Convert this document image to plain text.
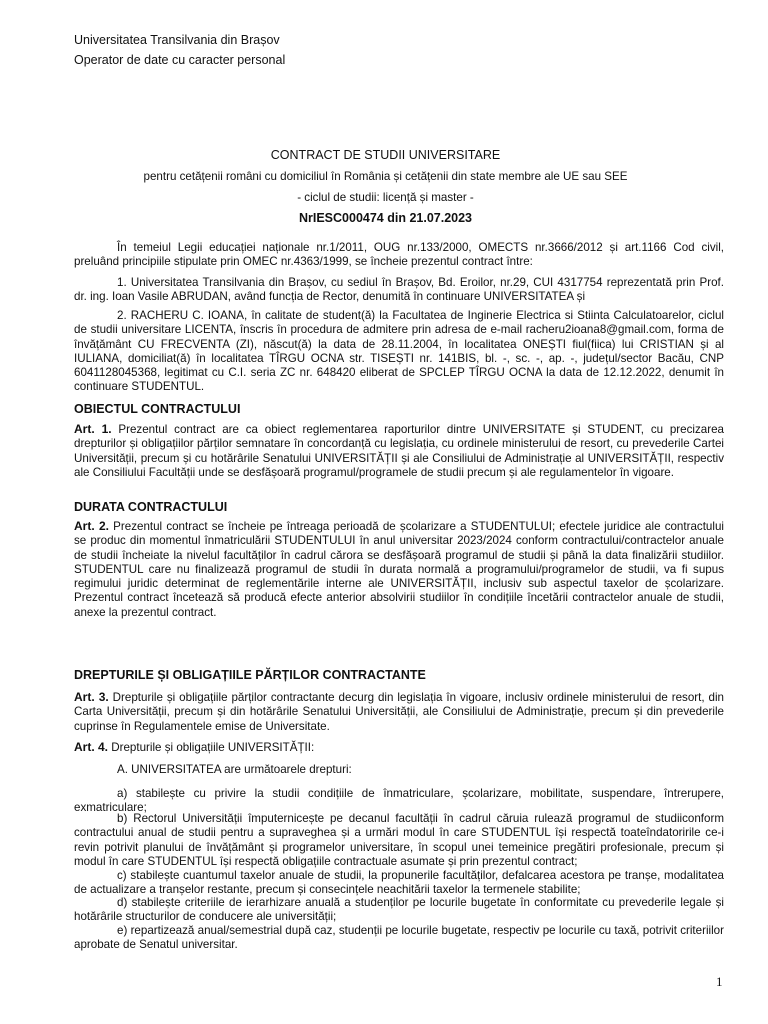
Universitatea Transilvania din Brașov
Operator de date cu caracter personal
CONTRACT DE STUDII UNIVERSITARE
pentru cetățenii români cu domiciliul în România și cetățenii din state membre ale UE sau SEE
- ciclul de studii: licență și master -
NrIESC000474 din 21.07.2023

În temeiul Legii educației naționale nr.1/2011, OUG nr.133/2000, OMECTS nr.3666/2012 și art.1166 Cod civil, preluând principiile stipulate prin OMEC nr.4363/1999, se încheie prezentul contract între:

1. Universitatea Transilvania din Brașov, cu sediul în Brașov, Bd. Eroilor, nr.29, CUI 4317754 reprezentată prin Prof. dr. ing. Ioan Vasile ABRUDAN, având funcția de Rector, denumită în continuare UNIVERSITATEA și

2. RACHERU C. IOANA, în calitate de student(ă) la Facultatea de Inginerie Electrica si Stiinta Calculatoarelor, ciclul de studii universitare LICENTA, înscris în procedura de admitere prin adresa de e-mail racheru2ioana8@gmail.com, forma de învățământ CU FRECVENTA (ZI), născut(ă) la data de 28.11.2004, în localitatea ONEȘTI fiul(fiica) lui CRISTIAN și al IULIANA, domiciliat(ă) în localitatea TÎRGU OCNA str. TISEȘTI nr. 141BIS, bl. -, sc. -, ap. -, județul/sector Bacău, CNP 6041128045368, legitimat cu C.I. seria ZC nr. 648420 eliberat de SPCLEP TÎRGU OCNA la data de 12.12.2022, denumit în continuare STUDENTUL.

OBIECTUL CONTRACTULUI

Art. 1. Prezentul contract are ca obiect reglementarea raporturilor dintre UNIVERSITATE și STUDENT, cu precizarea drepturilor și obligațiilor părților semnatare în concordanță cu legislația, cu ordinele ministerului de resort, cu prevederile Cartei Universității, precum și cu hotărârile Senatului UNIVERSITĂȚII și ale Consiliului de Administrație al UNIVERSITĂȚII, respectiv ale Consiliului Facultății unde se desfășoară programul/programele de studii precum și ale regulamentelor în vigoare.

DURATA CONTRACTULUI

Art. 2. Prezentul contract se încheie pe întreaga perioadă de școlarizare a STUDENTULUI; efectele juridice ale contractului se produc din momentul înmatriculării STUDENTULUI în anul universitar 2023/2024 conform contractului/contractelor anuale de studii încheiate la nivelul facultăților în cadrul cărora se desfășoară programul de studii și până la data finalizării studiilor. STUDENTUL care nu finalizează programul de studii în durata normală a programului/programelor de studii, va fi supus regimului juridic determinat de reglementările interne ale UNIVERSITĂȚII, inclusiv sub aspectul taxelor de școlarizare. Prezentul contract încetează să producă efecte anterior absolvirii studiilor în condițiile încetării contractelor anuale de studii, anexe la prezentul contract.

DREPTURILE ȘI OBLIGAȚIILE PĂRȚILOR CONTRACTANTE

Art. 3. Drepturile și obligațiile părților contractante decurg din legislația în vigoare, inclusiv ordinele ministerului de resort, din Carta Universității, precum și din hotărârile Senatului Universității, ale Consiliului de Administrație, precum și din prevederile cuprinse în Regulamentele emise de Universitate.

Art. 4. Drepturile și obligațiile UNIVERSITĂȚII:

A. UNIVERSITATEA are următoarele drepturi:

a) stabilește cu privire la studii condițiile de înmatriculare, școlarizare, mobilitate, suspendare, întrerupere, exmatriculare;

b) Rectorul Universității împuternicește pe decanul facultății în cadrul căruia rulează programul de studiiconform contractului anual de studii pentru a supraveghea și a urmări modul în care STUDENTUL își respectă toateîndatoririle ce-i revin potrivit planului de învățământ și programelor universitare, în scopul unei temeinice pregătiri profesionale, precum și modul în care STUDENTUL își respectă obligațiile contractuale asumate și prin prezentul contract;

c) stabilește cuantumul taxelor anuale de studii, la propunerile facultăților, defalcarea acestora pe tranșe, modalitatea de actualizare a tranșelor restante, precum și consecințele neachitării taxelor la termenele stabilite;

d) stabilește criteriile de ierarhizare anuală a studenților pe locurile bugetate în conformitate cu prevederile legale și hotărârile structurilor de conducere ale universității;

e) repartizează anual/semestrial după caz, studenții pe locurile bugetate, respectiv pe locurile cu taxă, potrivit criteriilor aprobate de Senatul universitar.

1
